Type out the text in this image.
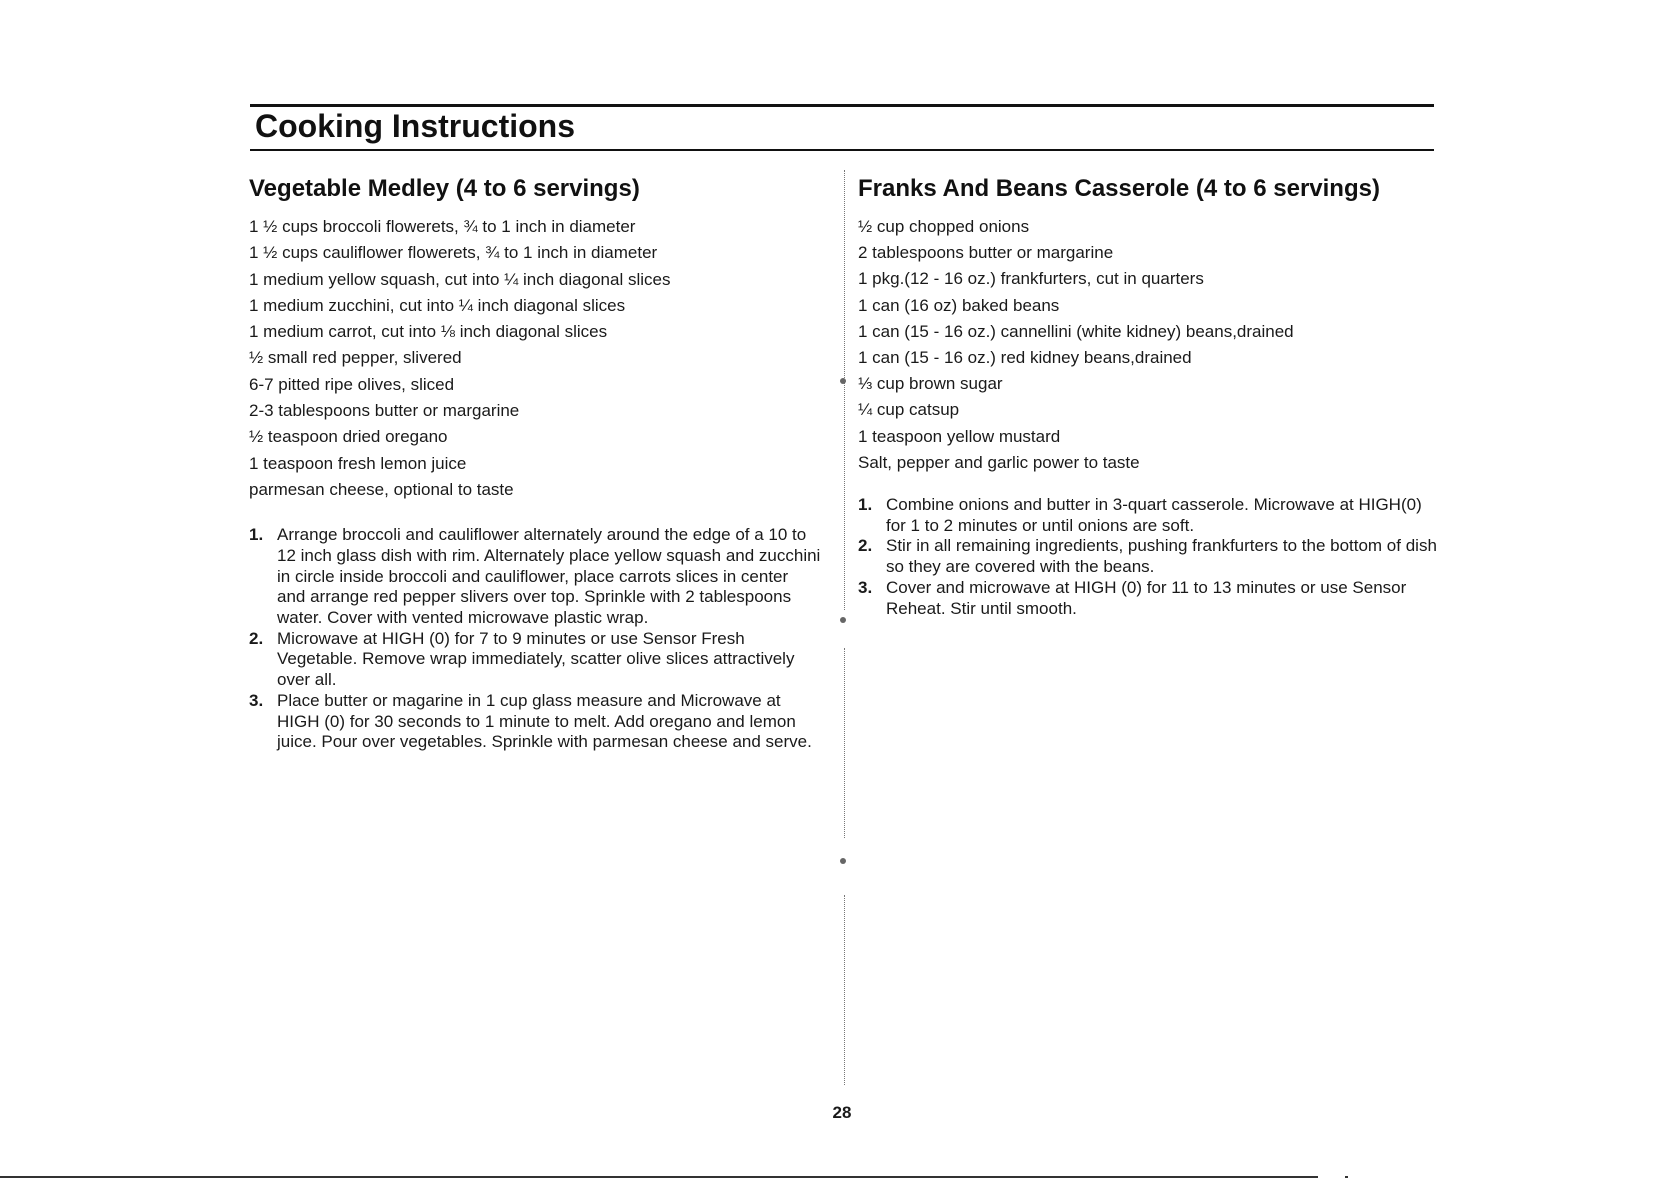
Cooking Instructions
Vegetable Medley (4 to 6 servings)
1 ½ cups broccoli flowerets, ¾ to 1 inch in diameter
1 ½ cups cauliflower flowerets, ¾ to 1 inch in diameter
1 medium yellow squash, cut into ¼ inch diagonal slices
1 medium zucchini, cut into ¼ inch diagonal slices
1 medium carrot, cut into ⅛ inch diagonal slices
½ small red pepper, slivered
6-7 pitted ripe olives, sliced
2-3 tablespoons butter or margarine
½ teaspoon dried oregano
1 teaspoon fresh lemon juice
parmesan cheese, optional to taste
1. Arrange broccoli and cauliflower alternately around the edge of a 10 to 12 inch glass dish with rim. Alternately place yellow squash and zucchini in circle inside broccoli and cauliflower, place carrots slices in center and arrange red pepper slivers over top. Sprinkle with 2 tablespoons water. Cover with vented microwave plastic wrap.
2. Microwave at HIGH (0) for 7 to 9 minutes or use Sensor Fresh Vegetable. Remove wrap immediately, scatter olive slices attractively over all.
3. Place butter or magarine in 1 cup glass measure and Microwave at HIGH (0) for 30 seconds to 1 minute to melt. Add oregano and lemon juice. Pour over vegetables. Sprinkle with parmesan cheese and serve.
Franks And Beans Casserole (4 to 6 servings)
½ cup chopped onions
2 tablespoons butter or margarine
1 pkg.(12 - 16 oz.) frankfurters, cut in quarters
1 can (16 oz) baked beans
1 can (15 - 16 oz.) cannellini (white kidney) beans,drained
1 can (15 - 16 oz.) red kidney beans,drained
⅓ cup brown sugar
¼ cup catsup
1 teaspoon yellow mustard
Salt, pepper and garlic power to taste
1. Combine onions and butter in 3-quart casserole. Microwave at HIGH(0) for 1 to 2 minutes or until onions are soft.
2. Stir in all remaining ingredients, pushing frankfurters to the bottom of dish so they are covered with the beans.
3. Cover and microwave at HIGH (0) for 11 to 13 minutes or use Sensor Reheat. Stir until smooth.
28
